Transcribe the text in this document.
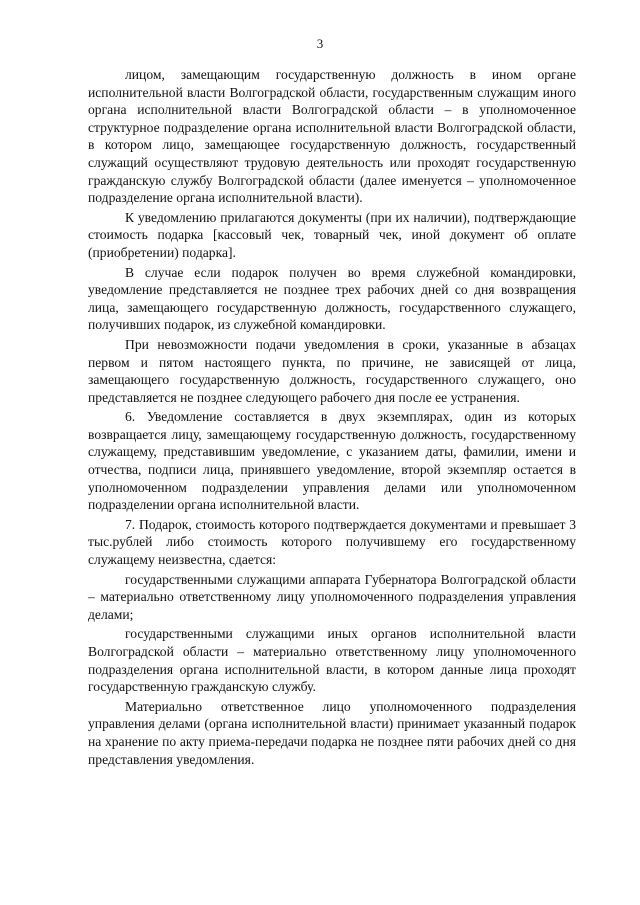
3

лицом, замещающим государственную должность в ином органе исполнительной власти Волгоградской области, государственным служащим иного органа исполнительной власти Волгоградской области – в уполномоченное структурное подразделение органа исполнительной власти Волгоградской области, в котором лицо, замещающее государственную должность, государственный служащий осуществляют трудовую деятельность или проходят государственную гражданскую службу Волгоградской области (далее именуется – уполномоченное подразделение органа исполнительной власти).

К уведомлению прилагаются документы (при их наличии), подтверждающие стоимость подарка [кассовый чек, товарный чек, иной документ об оплате (приобретении) подарка].

В случае если подарок получен во время служебной командировки, уведомление представляется не позднее трех рабочих дней со дня возвращения лица, замещающего государственную должность, государственного служащего, получивших подарок, из служебной командировки.

При невозможности подачи уведомления в сроки, указанные в абзацах первом и пятом настоящего пункта, по причине, не зависящей от лица, замещающего государственную должность, государственного служащего, оно представляется не позднее следующего рабочего дня после ее устранения.

6. Уведомление составляется в двух экземплярах, один из которых возвращается лицу, замещающему государственную должность, государственному служащему, представившим уведомление, с указанием даты, фамилии, имени и отчества, подписи лица, принявшего уведомление, второй экземпляр остается в уполномоченном подразделении управления делами или уполномоченном подразделении органа исполнительной власти.

7. Подарок, стоимость которого подтверждается документами и превышает 3 тыс.рублей либо стоимость которого получившему его государственному служащему неизвестна, сдается:

государственными служащими аппарата Губернатора Волгоградской области – материально ответственному лицу уполномоченного подразделения управления делами;

государственными служащими иных органов исполнительной власти Волгоградской области – материально ответственному лицу уполномоченного подразделения органа исполнительной власти, в котором данные лица проходят государственную гражданскую службу.

Материально ответственное лицо уполномоченного подразделения управления делами (органа исполнительной власти) принимает указанный подарок на хранение по акту приема-передачи подарка не позднее пяти рабочих дней со дня представления уведомления.
